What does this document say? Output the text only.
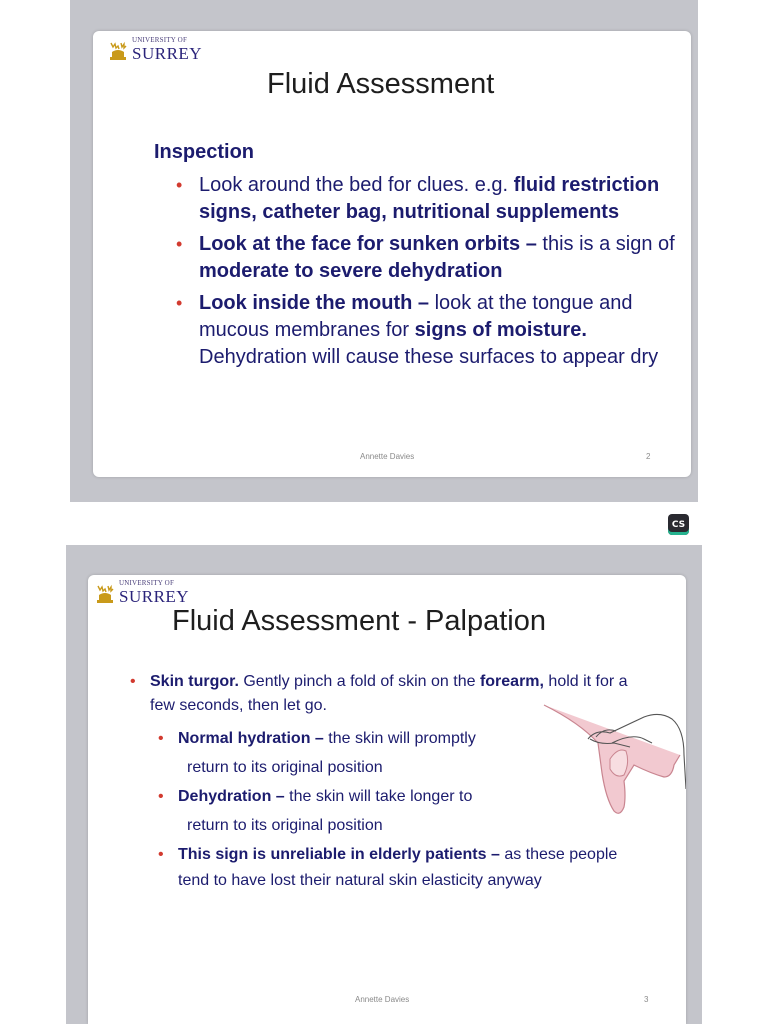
UNIVERSITY OF
SURREY
Fluid Assessment
Inspection
• Look around the bed for clues. e.g. fluid restriction signs, catheter bag, nutritional supplements
• Look at the face for sunken orbits – this is a sign of moderate to severe dehydration
• Look inside the mouth – look at the tongue and mucous membranes for signs of moisture. Dehydration will cause these surfaces to appear dry
Annette Davies	2
CS
UNIVERSITY OF
SURREY
Fluid Assessment - Palpation
• Skin turgor. Gently pinch a fold of skin on the forearm, hold it for a few seconds, then let go.
• Normal hydration – the skin will promptly
return to its original position
• Dehydration – the skin will take longer to
return to its original position
• This sign is unreliable in elderly patients – as these people
tend to have lost their natural skin elasticity anyway
Annette Davies	3
